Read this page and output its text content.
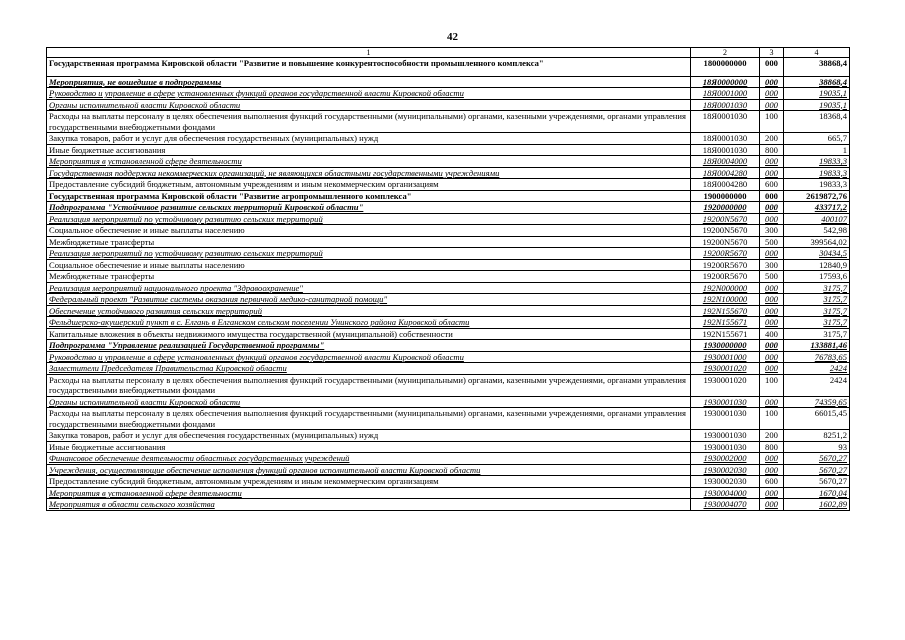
42
1	2	3	4
Государственная программа Кировской области "Развитие и повышение конкурентоспособности промышленного комплекса"	1800000000	000	38868,4
Мероприятия, не вошедшие в подпрограммы	18Я0000000	000	38868,4
Руководство и управление в сфере установленных функций органов государственной власти Кировской области	18Я0001000	000	19035,1
Органы исполнительной власти Кировской области	18Я0001030	000	19035,1
Расходы на выплаты персоналу в целях обеспечения выполнения функций государственными (муниципальными) органами, казенными учреждениями, органами управления государственными внебюджетными фондами	18Я0001030	100	18368,4
Закупка товаров, работ и услуг для обеспечения государственных (муниципальных) нужд	18Я0001030	200	665,7
Иные бюджетные ассигнования	18Я0001030	800	1
Мероприятия в установленной сфере деятельности	18Я0004000	000	19833,3
Государственная поддержка некоммерческих организаций, не являющихся областными государственными учреждениями	18Я0004280	000	19833,3
Предоставление субсидий бюджетным, автономным учреждениям и иным некоммерческим организациям	18Я0004280	600	19833,3
Государственная программа Кировской области "Развитие агропромышленного комплекса"	1900000000	000	2619872,76
Подпрограмма "Устойчивое развитие сельских территорий Кировской области"	1920000000	000	433717,2
Реализация мероприятий по устойчивому развитию сельских территорий	19200N5670	000	400107
Социальное обеспечение и иные выплаты населению	19200N5670	300	542,98
Межбюджетные трансферты	19200N5670	500	399564,02
Реализация мероприятий по устойчивому развитию сельских территорий	19200R5670	000	30434,5
Социальное обеспечение и иные выплаты населению	19200R5670	300	12840,9
Межбюджетные трансферты	19200R5670	500	17593,6
Реализация мероприятий национального проекта "Здравоохранение"	192N000000	000	3175,7
Федеральный проект "Развитие системы оказания первичной медико-санитарной помощи"	192N100000	000	3175,7
Обеспечение устойчивого развития сельских территорий	192N155670	000	3175,7
Фельдшерско-акушерский пункт в с. Елгань в Елганском сельском поселении Унинского района Кировской области	192N155671	000	3175,7
Капитальные вложения в объекты недвижимого имущества государственной (муниципальной) собственности	192N155671	400	3175,7
Подпрограмма "Управление реализацией Государственной программы"	1930000000	000	133881,46
Руководство и управление в сфере установленных функций органов государственной власти Кировской области	1930001000	000	76783,65
Заместители Председателя Правительства Кировской области	1930001020	000	2424
Расходы на выплаты персоналу в целях обеспечения выполнения функций государственными (муниципальными) органами, казенными учреждениями, органами управления государственными внебюджетными фондами	1930001020	100	2424
Органы исполнительной власти Кировской области	1930001030	000	74359,65
Расходы на выплаты персоналу в целях обеспечения выполнения функций государственными (муниципальными) органами, казенными учреждениями, органами управления государственными внебюджетными фондами	1930001030	100	66015,45
Закупка товаров, работ и услуг для обеспечения государственных (муниципальных) нужд	1930001030	200	8251,2
Иные бюджетные ассигнования	1930001030	800	93
Финансовое обеспечение деятельности областных государственных учреждений	1930002000	000	5670,27
Учреждения, осуществляющие обеспечение исполнения функций органов исполнительной власти Кировской области	1930002030	000	5670,27
Предоставление субсидий бюджетным, автономным учреждениям и иным некоммерческим организациям	1930002030	600	5670,27
Мероприятия в установленной сфере деятельности	1930004000	000	1670,04
Мероприятия в области сельского хозяйства	1930004070	000	1602,89
